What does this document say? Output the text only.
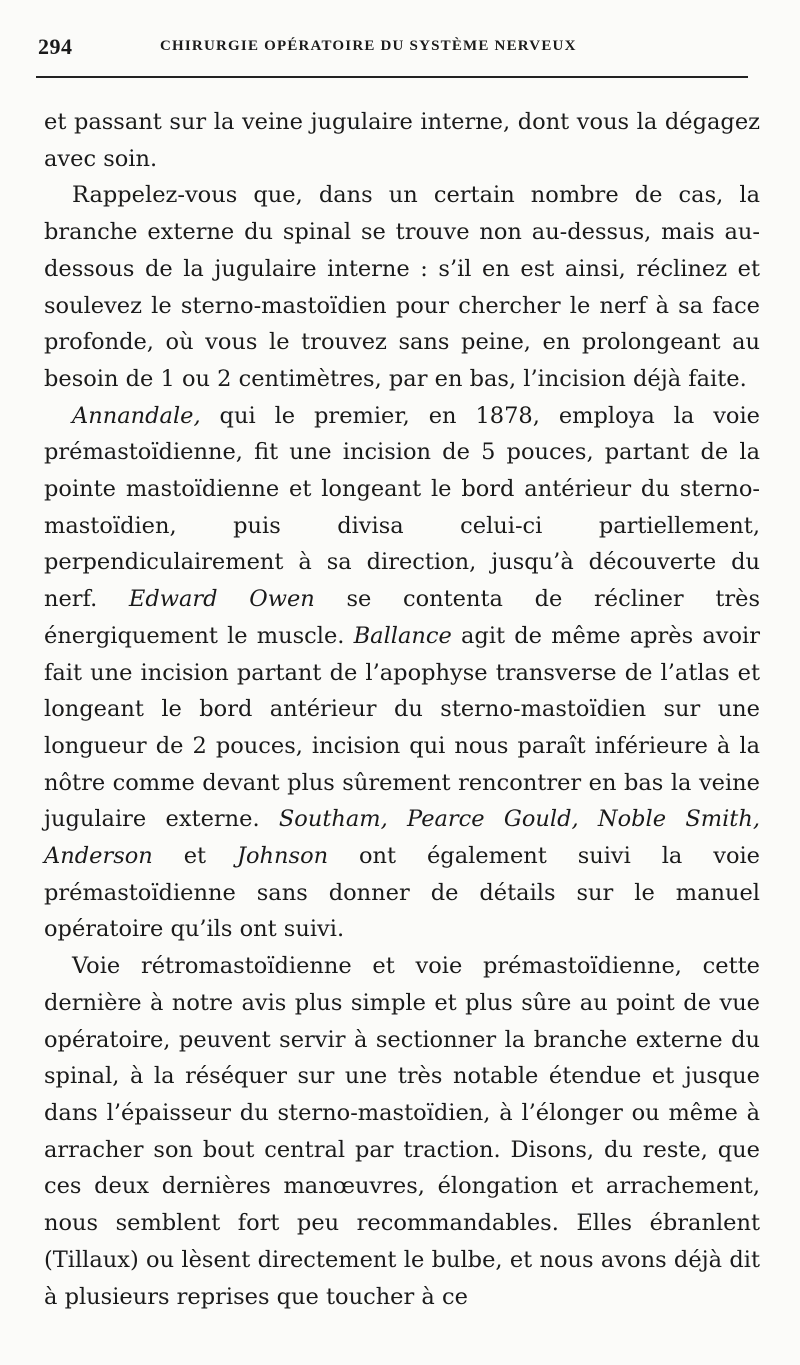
294	CHIRURGIE OPÉRATOIRE DU SYSTÈME NERVEUX

et passant sur la veine jugulaire interne, dont vous la dégagez avec soin.

Rappelez-vous que, dans un certain nombre de cas, la branche externe du spinal se trouve non au-dessus, mais au-dessous de la jugulaire interne : s’il en est ainsi, réclinez et soulevez le sterno-mastoïdien pour chercher le nerf à sa face profonde, où vous le trouvez sans peine, en prolongeant au besoin de 1 ou 2 centimètres, par en bas, l’incision déjà faite.

Annandale, qui le premier, en 1878, employa la voie prémastoïdienne, fit une incision de 5 pouces, partant de la pointe mastoïdienne et longeant le bord antérieur du sterno-mastoïdien, puis divisa celui-ci partiellement, perpendiculairement à sa direction, jusqu’à découverte du nerf. Edward Owen se contenta de récliner très énergiquement le muscle. Ballance agit de même après avoir fait une incision partant de l’apophyse transverse de l’atlas et longeant le bord antérieur du sterno-mastoïdien sur une longueur de 2 pouces, incision qui nous paraît inférieure à la nôtre comme devant plus sûrement rencontrer en bas la veine jugulaire externe. Southam, Pearce Gould, Noble Smith, Anderson et Johnson ont également suivi la voie prémastoïdienne sans donner de détails sur le manuel opératoire qu’ils ont suivi.

Voie rétromastoïdienne et voie prémastoïdienne, cette dernière à notre avis plus simple et plus sûre au point de vue opératoire, peuvent servir à sectionner la branche externe du spinal, à la réséquer sur une très notable étendue et jusque dans l’épaisseur du sterno-mastoïdien, à l’élonger ou même à arracher son bout central par traction. Disons, du reste, que ces deux dernières manœuvres, élongation et arrachement, nous semblent fort peu recommandables. Elles ébranlent (Tillaux) ou lèsent directement le bulbe, et nous avons déjà dit à plusieurs reprises que toucher à ce
